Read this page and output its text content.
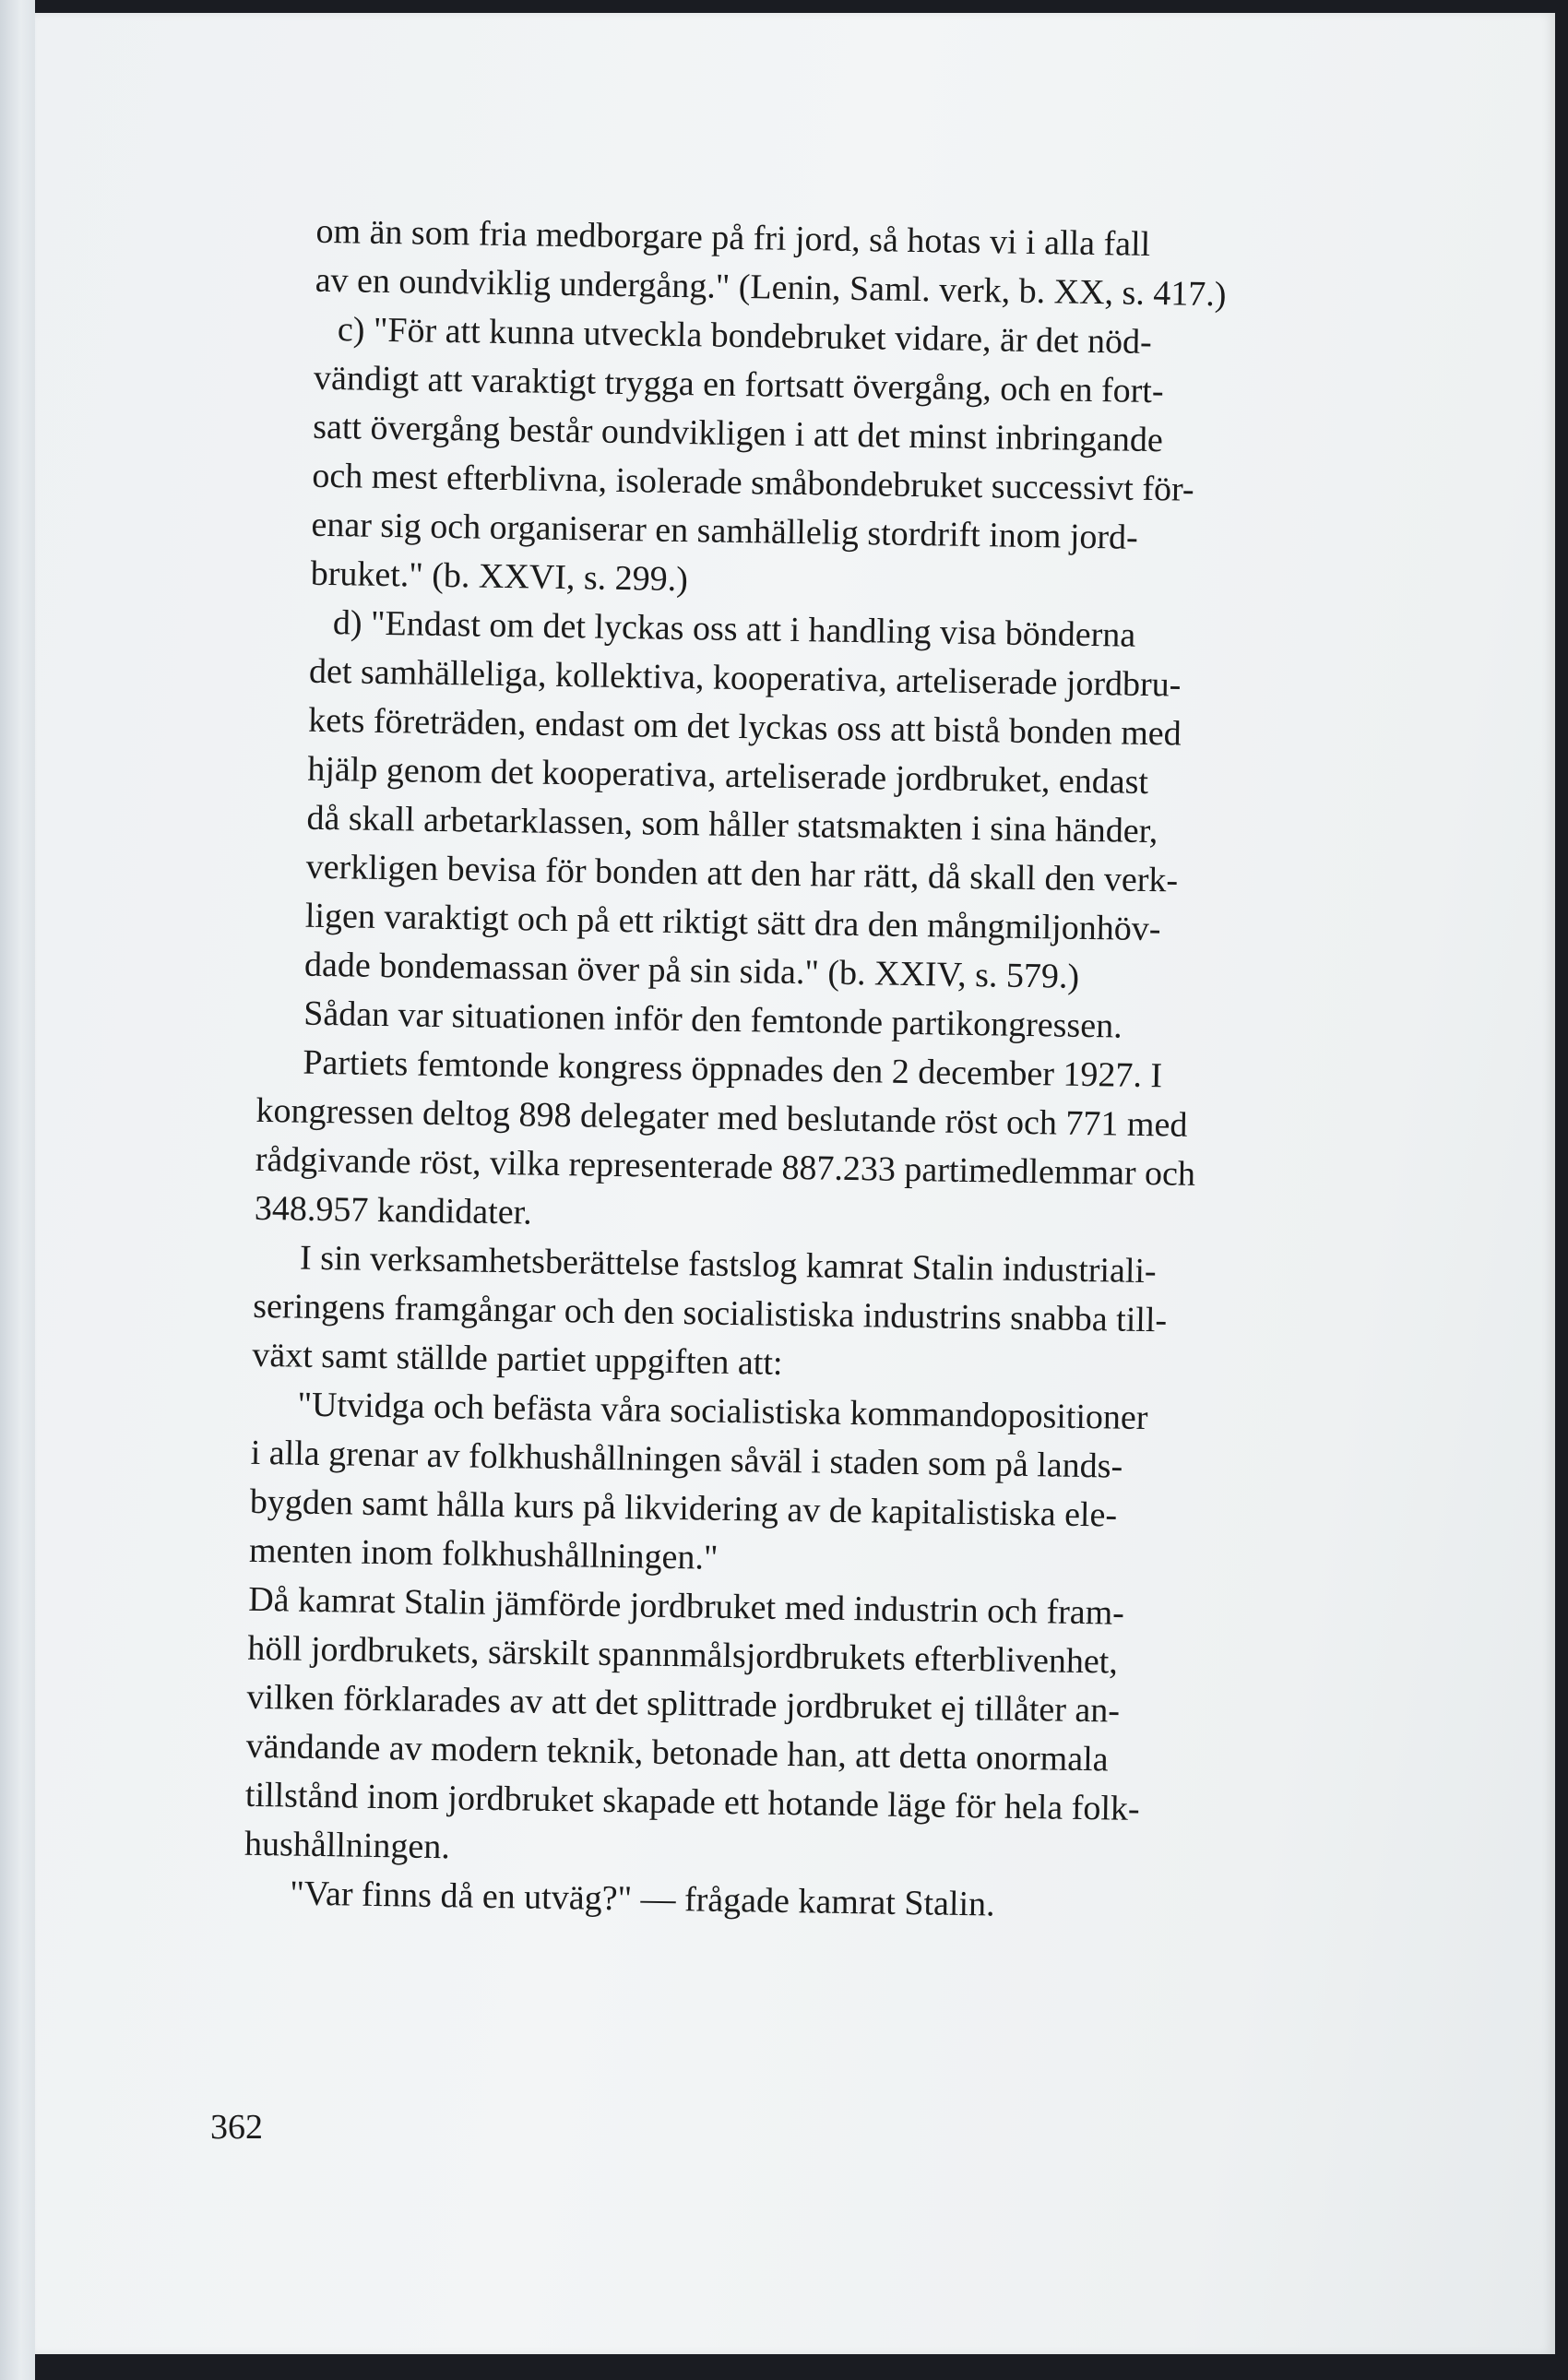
om än som fria medborgare på fri jord, så hotas vi i alla fall
av en oundviklig undergång." (Lenin, Saml. verk, b. XX, s. 417.)
c) "För att kunna utveckla bondebruket vidare, är det nöd-
vändigt att varaktigt trygga en fortsatt övergång, och en fort-
satt övergång består oundvikligen i att det minst inbringande
och mest efterblivna, isolerade småbondebruket successivt för-
enar sig och organiserar en samhällelig stordrift inom jord-
bruket." (b. XXVI, s. 299.)
d) "Endast om det lyckas oss att i handling visa bönderna
det samhälleliga, kollektiva, kooperativa, arteliserade jordbru-
kets företräden, endast om det lyckas oss att bistå bonden med
hjälp genom det kooperativa, arteliserade jordbruket, endast
då skall arbetarklassen, som håller statsmakten i sina händer,
verkligen bevisa för bonden att den har rätt, då skall den verk-
ligen varaktigt och på ett riktigt sätt dra den mångmiljonhöv-
dade bondemassan över på sin sida." (b. XXIV, s. 579.)
Sådan var situationen inför den femtonde partikongressen.
Partiets femtonde kongress öppnades den 2 december 1927. I
kongressen deltog 898 delegater med beslutande röst och 771 med
rådgivande röst, vilka representerade 887.233 partimedlemmar och
348.957 kandidater.
I sin verksamhetsberättelse fastslog kamrat Stalin industriali-
seringens framgångar och den socialistiska industrins snabba till-
växt samt ställde partiet uppgiften att:
"Utvidga och befästa våra socialistiska kommandopositioner
i alla grenar av folkhushållningen såväl i staden som på lands-
bygden samt hålla kurs på likvidering av de kapitalistiska ele-
menten inom folkhushållningen."
Då kamrat Stalin jämförde jordbruket med industrin och fram-
höll jordbrukets, särskilt spannmålsjordbrukets efterblivenhet,
vilken förklarades av att det splittrade jordbruket ej tillåter an-
vändande av modern teknik, betonade han, att detta onormala
tillstånd inom jordbruket skapade ett hotande läge för hela folk-
hushållningen.
"Var finns då en utväg?" — frågade kamrat Stalin.
362
